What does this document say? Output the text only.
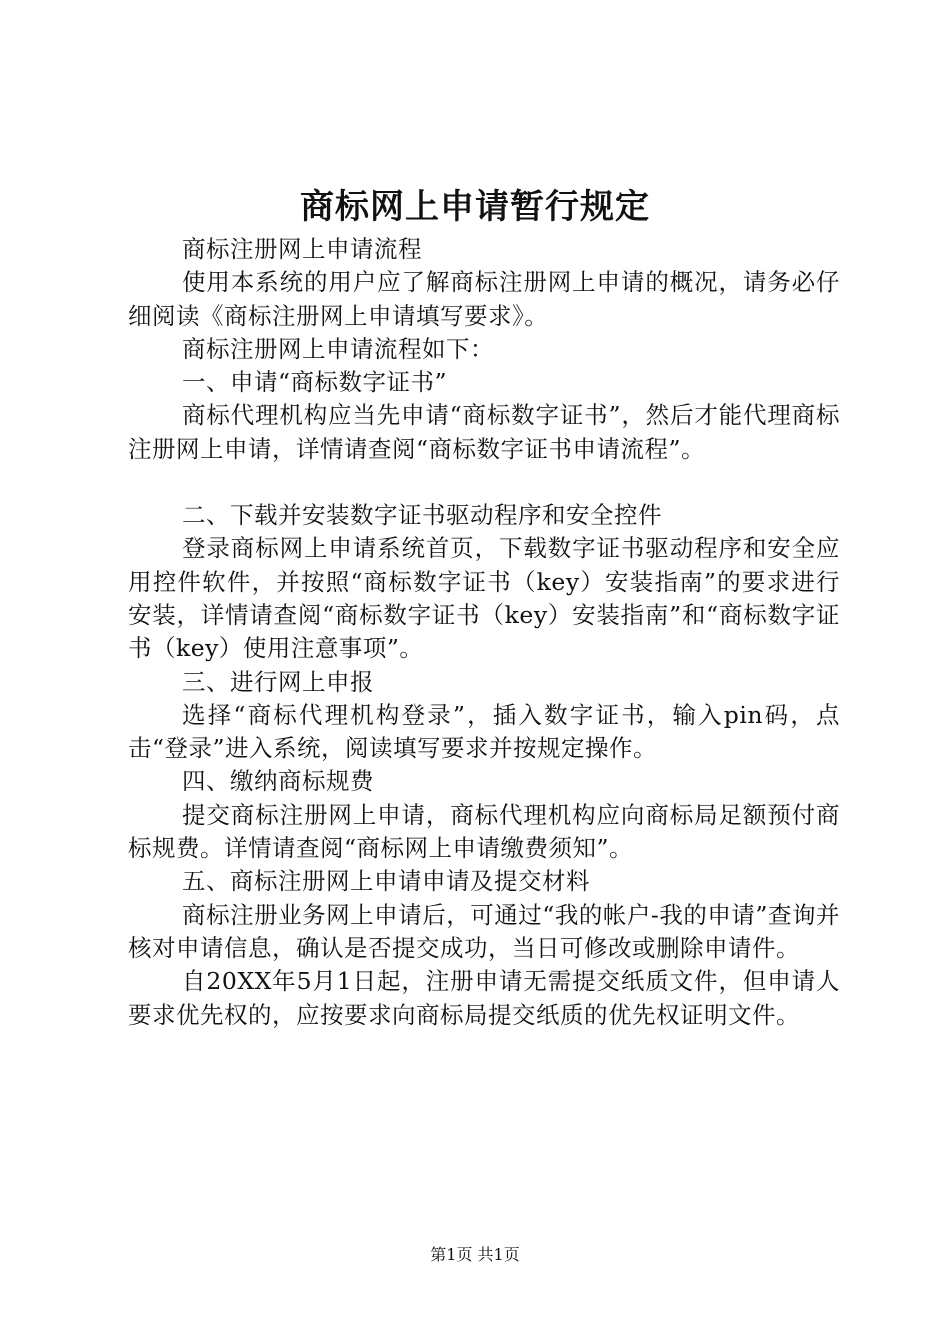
商标网上申请暂行规定

商标注册网上申请流程

使用本系统的用户应了解商标注册网上申请的概况，请务必仔细阅读《商标注册网上申请填写要求》。

商标注册网上申请流程如下：

一、申请“商标数字证书”

商标代理机构应当先申请“商标数字证书”，然后才能代理商标注册网上申请，详情请查阅“商标数字证书申请流程”。

二、下载并安装数字证书驱动程序和安全控件

登录商标网上申请系统首页，下载数字证书驱动程序和安全应用控件软件，并按照“商标数字证书（key）安装指南”的要求进行安装，详情请查阅“商标数字证书（key）安装指南”和“商标数字证书（key）使用注意事项”。

三、进行网上申报

选择“商标代理机构登录”，插入数字证书，输入pin码，点击“登录”进入系统，阅读填写要求并按规定操作。

四、缴纳商标规费

提交商标注册网上申请，商标代理机构应向商标局足额预付商标规费。详情请查阅“商标网上申请缴费须知”。

五、商标注册网上申请申请及提交材料

商标注册业务网上申请后，可通过“我的帐户-我的申请”查询并核对申请信息，确认是否提交成功，当日可修改或删除申请件。

自20XX年5月1日起，注册申请无需提交纸质文件，但申请人要求优先权的，应按要求向商标局提交纸质的优先权证明文件。

第1页 共1页
